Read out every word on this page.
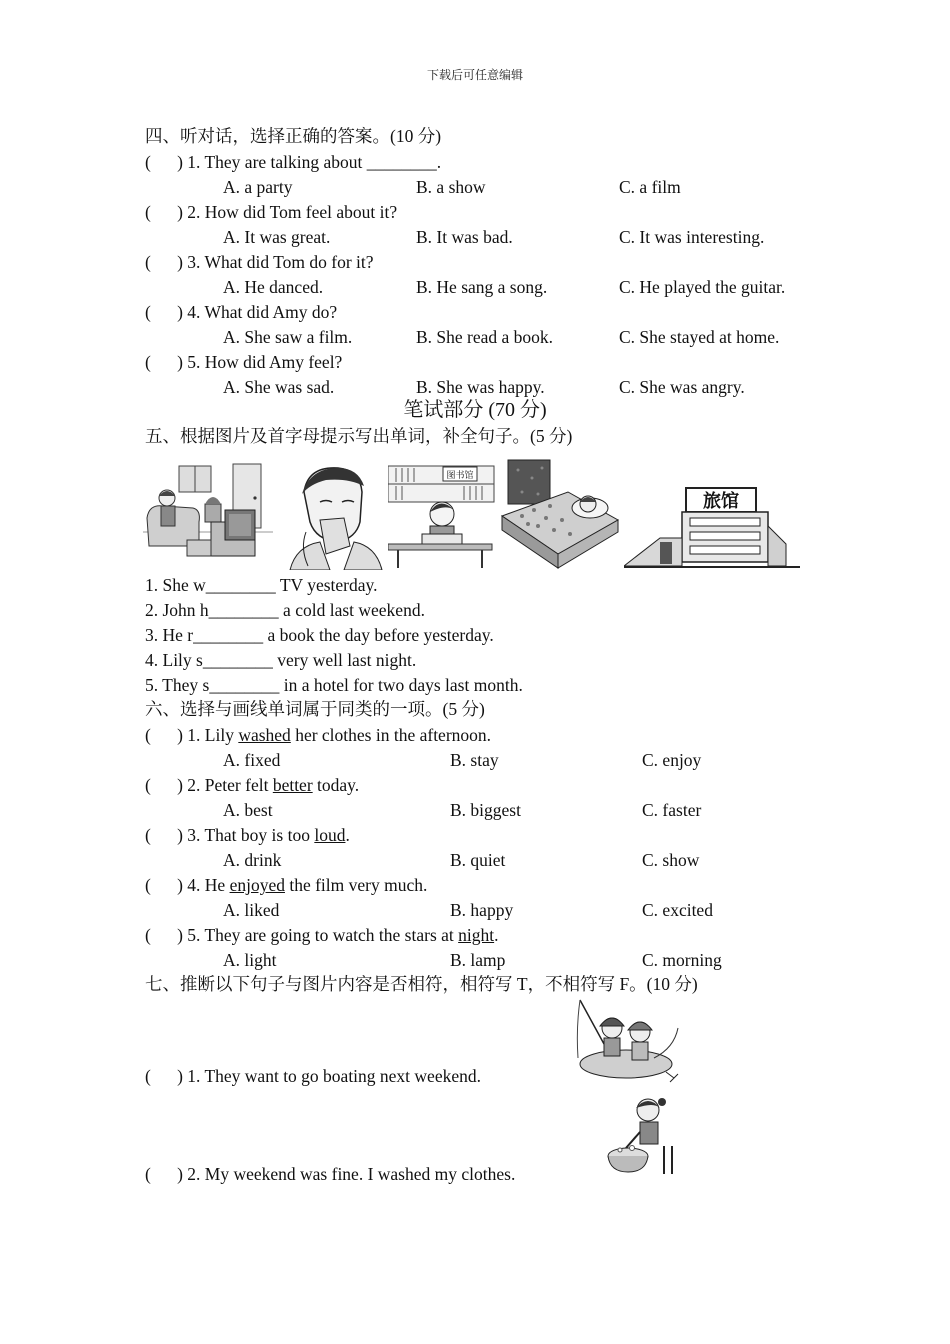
下载后可任意编辑
四、听对话，选择正确的答案。(10 分)
(      ) 1. They are talking about ________.
A. a party	B. a show	C. a film
(      ) 2. How did Tom feel about it?
A. It was great.	B. It was bad.	C. It was interesting.
(      ) 3. What did Tom do for it?
A. He danced.	B. He sang a song.	C. He played the guitar.
(      ) 4. What did Amy do?
A. She saw a film.	B. She read a book.	C. She stayed at home.
(      ) 5. How did Amy feel?
A. She was sad.	B. She was happy.	C. She was angry.
笔试部分 (70 分)
五、根据图片及首字母提示写出单词，补全句子。(5 分)
图书馆
旅馆
1. She w________ TV yesterday.
2. John h________ a cold last weekend.
3. He r________ a book the day before yesterday.
4. Lily s________ very well last night.
5. They s________ in a hotel for two days last month.
六、选择与画线单词属于同类的一项。(5 分)
(      ) 1. Lily washed her clothes in the afternoon.
A. fixed	B. stay	C. enjoy
(      ) 2. Peter felt better today.
A. best	B. biggest	C. faster
(      ) 3. That boy is too loud.
A. drink	B. quiet	C. show
(      ) 4. He enjoyed the film very much.
A. liked	B. happy	C. excited
(      ) 5. They are going to watch the stars at night.
A. light	B. lamp	C. morning
七、推断以下句子与图片内容是否相符，相符写 T，不相符写 F。(10 分)
(      ) 1. They want to go boating next weekend.
(      ) 2. My weekend was fine. I washed my clothes.
